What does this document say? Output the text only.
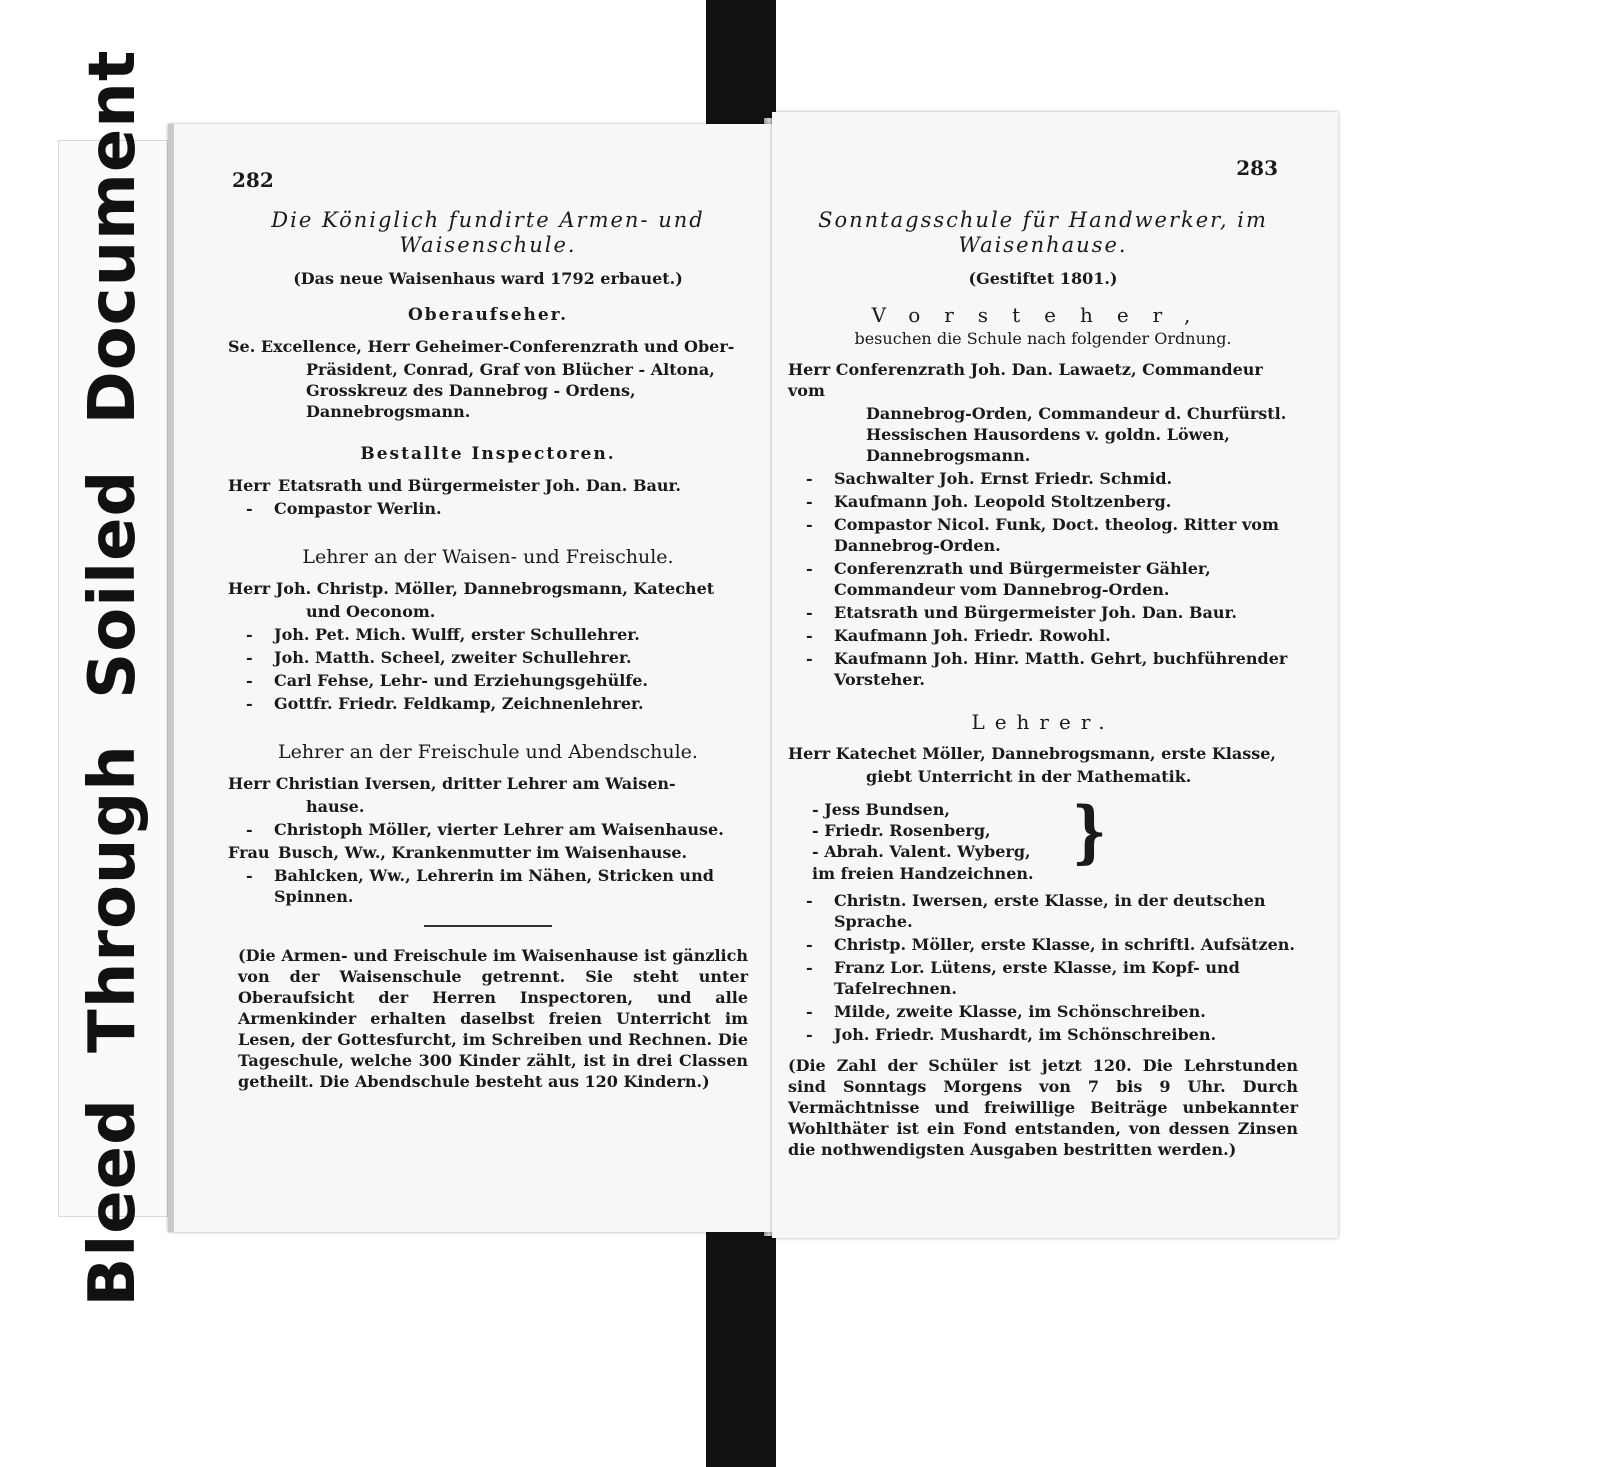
Bleed Through Soiled Document	282
Die Königlich fundirte Armen- und Waisenschule.
(Das neue Waisenhaus ward 1792 erbauet.)
Oberaufseher.
Se. Excellence, Herr Geheimer-Conferenzrath und Ober-
Präsident, Conrad, Graf von Blücher - Altona, Grosskreuz des Dannebrog - Ordens, Dannebrogsmann.
Bestallte Inspectoren.
Herr Etatsrath und Bürgermeister Joh. Dan. Baur.
- Compastor Werlin.
Lehrer an der Waisen- und Freischule.
Herr Joh. Christp. Möller, Dannebrogsmann, Katechet
und Oeconom.
- Joh. Pet. Mich. Wulff, erster Schullehrer.
- Joh. Matth. Scheel, zweiter Schullehrer.
- Carl Fehse, Lehr- und Erziehungsgehülfe.
- Gottfr. Friedr. Feldkamp, Zeichnenlehrer.
Lehrer an der Freischule und Abendschule.
Herr Christian Iversen, dritter Lehrer am Waisen-
hause.
- Christoph Möller, vierter Lehrer am Waisenhause.
Frau Busch, Ww., Krankenmutter im Waisenhause.
- Bahlcken, Ww., Lehrerin im Nähen, Stricken und Spinnen.
(Die Armen- und Freischule im Waisenhause ist gänzlich von der Waisenschule getrennt. Sie steht unter Oberaufsicht der Herren Inspectoren, und alle Armenkinder erhalten daselbst freien Unterricht im Lesen, der Gottesfurcht, im Schreiben und Rechnen. Die Tageschule, welche 300 Kinder zählt, ist in drei Classen getheilt. Die Abendschule besteht aus 120 Kindern.)
283
Sonntagsschule für Handwerker, im Waisenhause.
(Gestiftet 1801.)
Vorsteher,
besuchen die Schule nach folgender Ordnung.
Herr Conferenzrath Joh. Dan. Lawaetz, Commandeur vom
Dannebrog-Orden, Commandeur d. Churfürstl. Hessischen Hausordens v. goldn. Löwen, Dannebrogsmann.
- Sachwalter Joh. Ernst Friedr. Schmid.
- Kaufmann Joh. Leopold Stoltzenberg.
- Compastor Nicol. Funk, Doct. theolog. Ritter vom Dannebrog-Orden.
- Conferenzrath und Bürgermeister Gähler, Commandeur vom Dannebrog-Orden.
- Etatsrath und Bürgermeister Joh. Dan. Baur.
- Kaufmann Joh. Friedr. Rowohl.
- Kaufmann Joh. Hinr. Matth. Gehrt, buchführender Vorsteher.
Lehrer.
Herr Katechet Möller, Dannebrogsmann, erste Klasse,
giebt Unterricht in der Mathematik.
- Jess Bundsen,
- Friedr. Rosenberg,
- Abrah. Valent. Wyberg, }im freien Handzeichnen.
- Christn. Iwersen, erste Klasse, in der deutschen Sprache.
- Christp. Möller, erste Klasse, in schriftl. Aufsätzen.
- Franz Lor. Lütens, erste Klasse, im Kopf- und Tafelrechnen.
- Milde, zweite Klasse, im Schönschreiben.
- Joh. Friedr. Mushardt, im Schönschreiben.
(Die Zahl der Schüler ist jetzt 120. Die Lehrstunden sind Sonntags Morgens von 7 bis 9 Uhr. Durch Vermächtnisse und freiwillige Beiträge unbekannter Wohlthäter ist ein Fond entstanden, von dessen Zinsen die nothwendigsten Ausgaben bestritten werden.)
